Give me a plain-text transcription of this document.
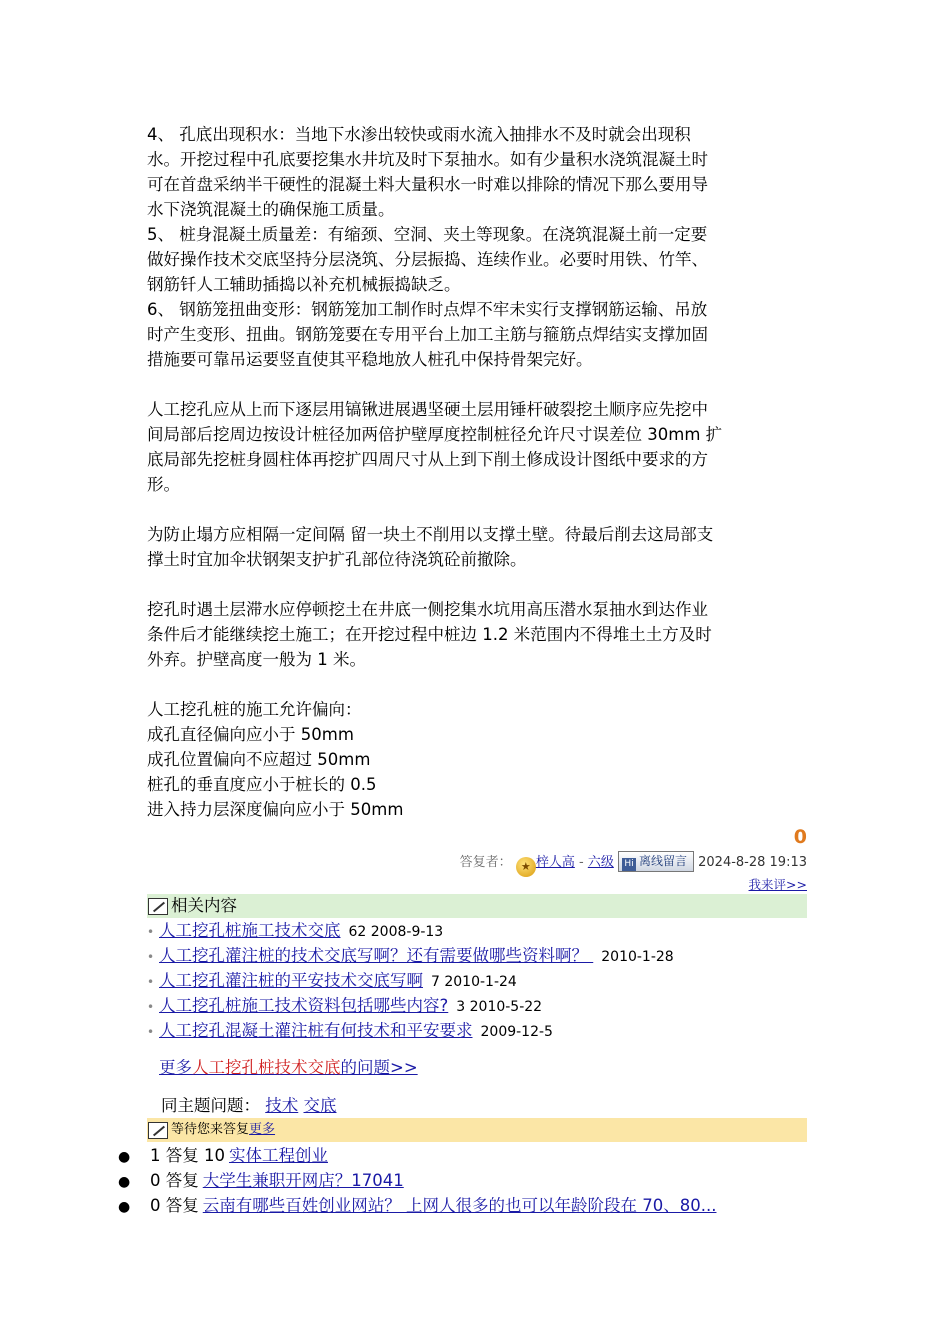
4、 孔底出现积水：当地下水渗出较快或雨水流入抽排水不及时就会出现积

水。开挖过程中孔底要挖集水井坑及时下泵抽水。如有少量积水浇筑混凝土时

可在首盘采纳半干硬性的混凝土料大量积水一时难以排除的情况下那么要用导

水下浇筑混凝土的确保施工质量。

5、 桩身混凝土质量差：有缩颈、空洞、夹土等现象。在浇筑混凝土前一定要

做好操作技术交底坚持分层浇筑、分层振捣、连续作业。必要时用铁、竹竿、

钢筋钎人工辅助插捣以补充机械振捣缺乏。

6、 钢筋笼扭曲变形：钢筋笼加工制作时点焊不牢未实行支撑钢筋运输、吊放

时产生变形、扭曲。钢筋笼要在专用平台上加工主筋与箍筋点焊结实支撑加固

措施要可靠吊运要竖直使其平稳地放人桩孔中保持骨架完好。

人工挖孔应从上而下逐层用镐锹进展遇坚硬土层用锤杆破裂挖土顺序应先挖中

间局部后挖周边按设计桩径加两倍护壁厚度控制桩径允许尺寸误差位 30mm 扩

底局部先挖桩身圆柱体再挖扩四周尺寸从上到下削土修成设计图纸中要求的方

形。

为防止塌方应相隔一定间隔 留一块土不削用以支撑土壁。待最后削去这局部支

撑土时宜加伞状钢架支护扩孔部位待浇筑砼前撤除。

挖孔时遇土层滞水应停顿挖土在井底一侧挖集水坑用高压潜水泵抽水到达作业

条件后才能继续挖土施工；在开挖过程中桩边 1.2 米范围内不得堆土土方及时

外弃。护壁高度一般为 1 米。

人工挖孔桩的施工允许偏向：

成孔直径偏向应小于 50mm

成孔位置偏向不应超过 50mm

桩孔的垂直度应小于桩长的 0.5

进入持力层深度偏向应小于 50mm

0
答复者： ★ 梓人高 - 六级 Hi 离线留言 2024-8-28 19:13
我来评>>
相关内容
• 人工挖孔桩施工技术交底 62 2008-9-13
• 人工挖孔灌注桩的技术交底写啊？还有需要做哪些资料啊？ 2010-1-28
• 人工挖孔灌注桩的平安技术交底写啊 7 2010-1-24
• 人工挖孔桩施工技术资料包括哪些内容? 3 2010-5-22
• 人工挖孔混凝土灌注桩有何技术和平安要求 2009-12-5
更多人工挖孔桩技术交底的问题>>
同主题问题： 技术 交底
等待您来答复 更多
● 1 答复 10 实体工程创业
● 0 答复 大学生兼职开网店？17041
● 0 答复 云南有哪些百姓创业网站？ 上网人很多的也可以年龄阶段在 70、80...
